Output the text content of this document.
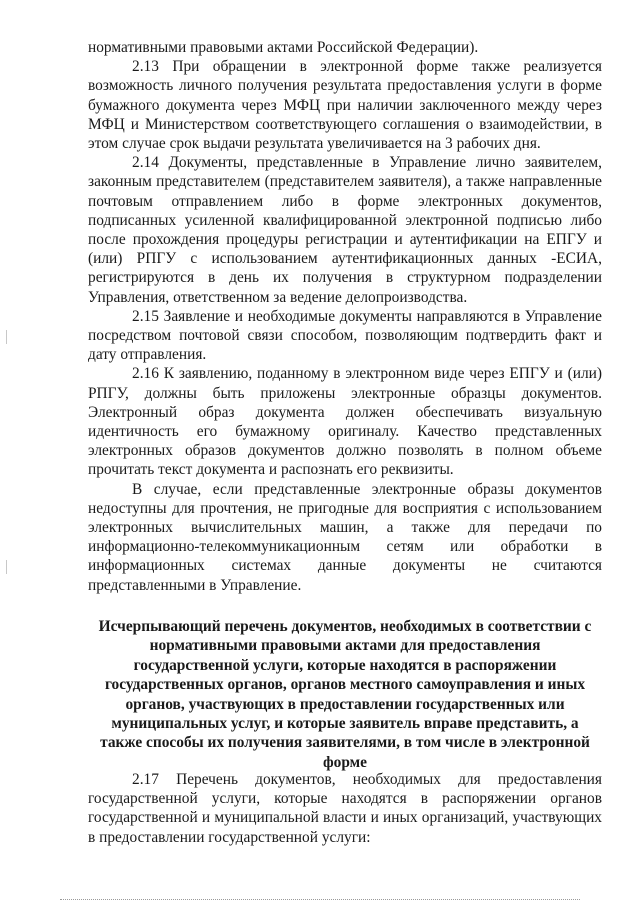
нормативными правовыми актами Российской Федерации).

2.13 При обращении в электронной форме также реализуется возможность личного получения результата предоставления услуги в форме бумажного документа через МФЦ при наличии заключенного между через МФЦ и Министерством соответствующего соглашения о взаимодействии, в этом случае срок выдачи результата увеличивается на 3 рабочих дня.

2.14 Документы, представленные в Управление лично заявителем, законным представителем (представителем заявителя), а также направленные почтовым отправлением либо в форме электронных документов, подписанных усиленной квалифицированной электронной подписью либо после прохождения процедуры регистрации и аутентификации на ЕПГУ и (или) РПГУ с использованием аутентификационных данных -ЕСИА, регистрируются в день их получения в структурном подразделении Управления, ответственном за ведение делопроизводства.

2.15 Заявление и необходимые документы направляются в Управление посредством почтовой связи способом, позволяющим подтвердить факт и дату отправления.

2.16 К заявлению, поданному в электронном виде через ЕПГУ и (или) РПГУ, должны быть приложены электронные образцы документов. Электронный образ документа должен обеспечивать визуальную идентичность его бумажному оригиналу. Качество представленных электронных образов документов должно позволять в полном объеме прочитать текст документа и распознать его реквизиты.

В случае, если представленные электронные образы документов недоступны для прочтения, не пригодные для восприятия с использованием электронных вычислительных машин, а также для передачи по информационно-телекоммуникационным сетям или обработки в информационных системах данные документы не считаются представленными в Управление.

Исчерпывающий перечень документов, необходимых в соответствии с нормативными правовыми актами для предоставления государственной услуги, которые находятся в распоряжении государственных органов, органов местного самоуправления и иных органов, участвующих в предоставлении государственных или муниципальных услуг, и которые заявитель вправе представить, а также способы их получения заявителями, в том числе в электронной форме

2.17 Перечень документов, необходимых для предоставления государственной услуги, которые находятся в распоряжении органов государственной и муниципальной власти и иных организаций, участвующих в предоставлении государственной услуги:
